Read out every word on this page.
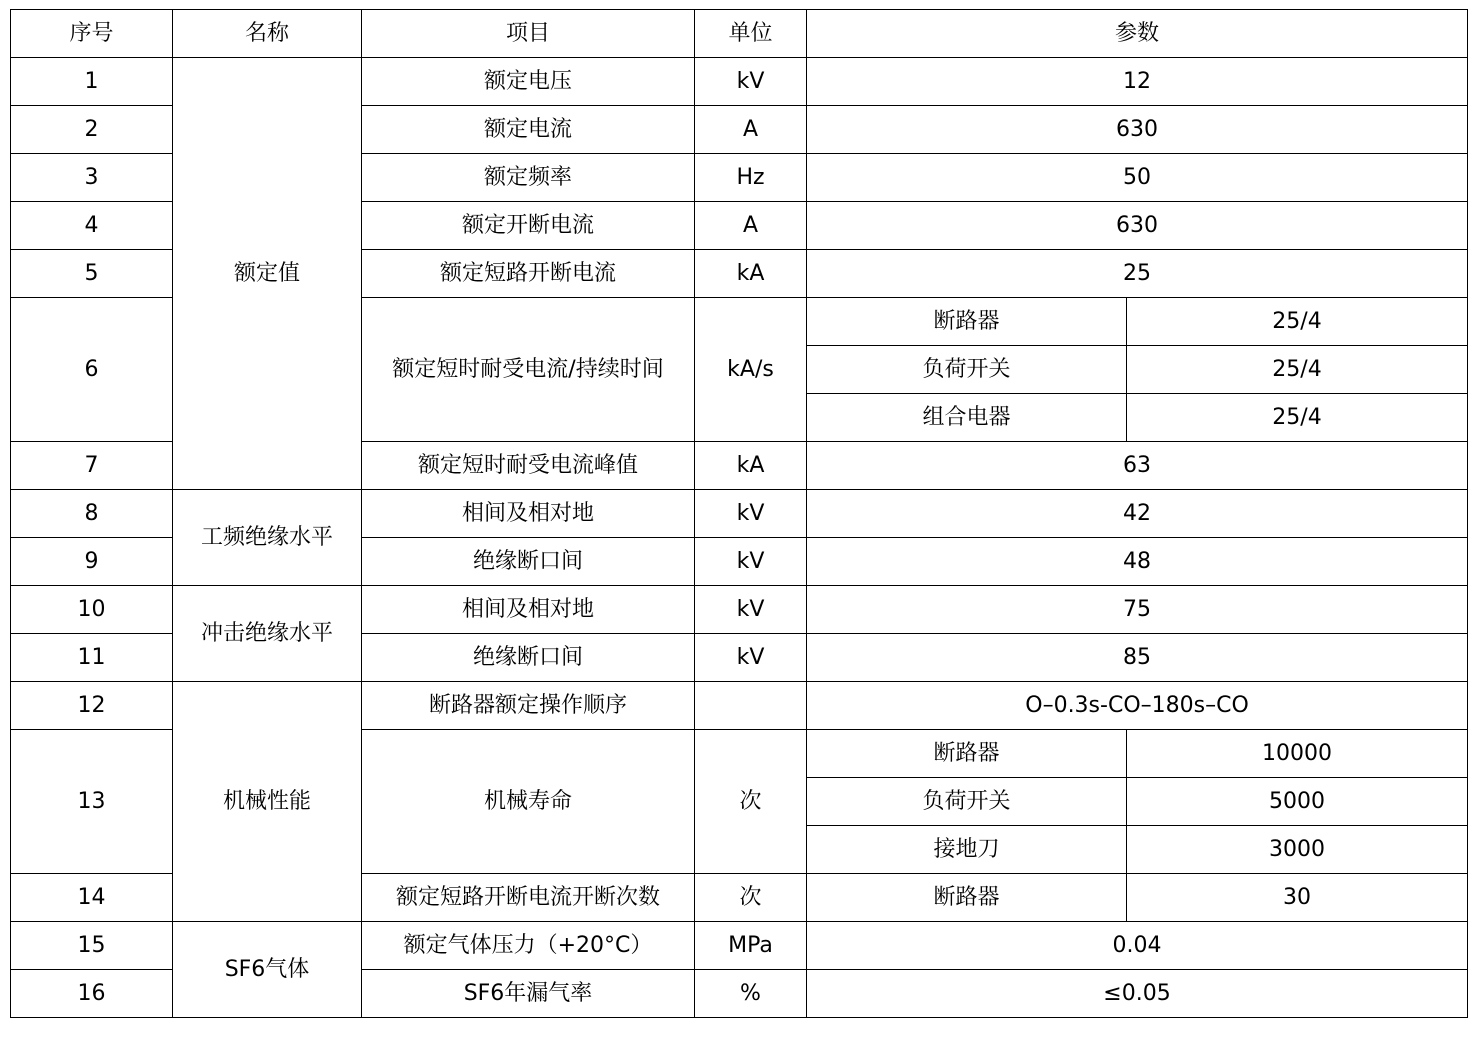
序号	名称	项目	单位	参数	
1	额定值	额定电压	kV	12	
2		额定电流	A	630	
3		额定频率	Hz	50	
4		额定开断电流	A	630	
5		额定短路开断电流	kA	25	
6		额定短时耐受电流/持续时间	kA/s	断路器	25/4
				负荷开关	25/4
				组合电器	25/4
7		额定短时耐受电流峰值	kA	63	
8	工频绝缘水平	相间及相对地	kV	42	
9		绝缘断口间	kV	48	
10	冲击绝缘水平	相间及相对地	kV	75	
11		绝缘断口间	kV	85	
12	机械性能	断路器额定操作顺序		O–0.3s-CO–180s–CO	
13		机械寿命	次	断路器	10000
				负荷开关	5000
				接地刀	3000
14		额定短路开断电流开断次数	次	断路器	30
15	SF6气体	额定气体压力（+20°C）	MPa	0.04	
16		SF6年漏气率	%	≤0.05	
